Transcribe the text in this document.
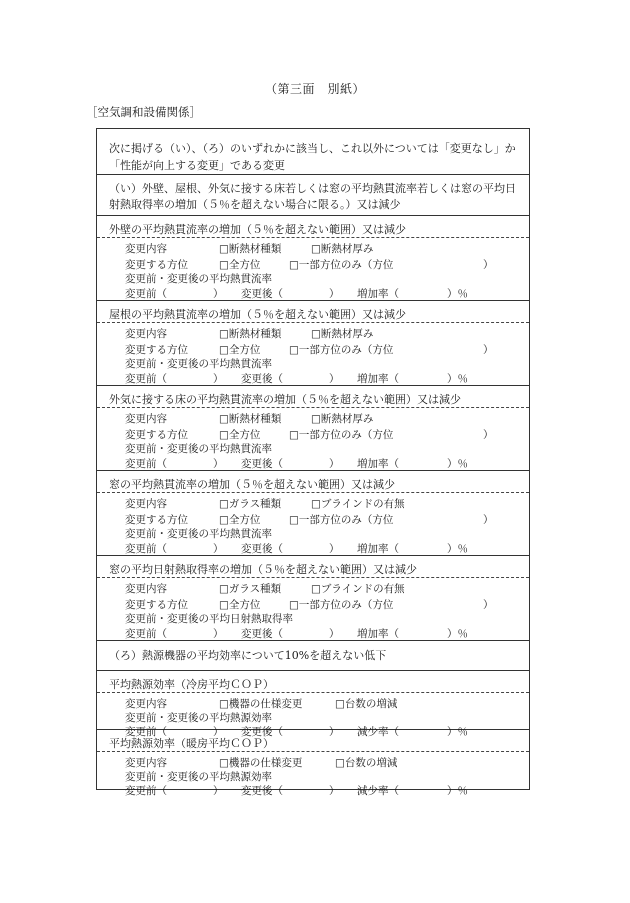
（第三面　別紙）
［空気調和設備関係］
次に掲げる（い）、（ろ）のいずれかに該当し、これ以外については「変更なし」か「性能が向上する変更」である変更
（い）外壁、屋根、外気に接する床若しくは窓の平均熱貫流率若しくは窓の平均日射熱取得率の増加（５％を超えない場合に限る。）又は減少
外壁の平均熱貫流率の増加（５％を超えない範囲）又は減少
変更内容	□断熱材種類	□断熱材厚み
変更する方位	□全方位	□一部方位のみ（方位	）
変更前・変更後の平均熱貫流率
変更前（	） 変更後（	） 増加率（	）％
屋根の平均熱貫流率の増加（５％を超えない範囲）又は減少
変更内容	□断熱材種類	□断熱材厚み
変更する方位	□全方位	□一部方位のみ（方位	）
変更前・変更後の平均熱貫流率
変更前（	） 変更後（	） 増加率（	）％
外気に接する床の平均熱貫流率の増加（５％を超えない範囲）又は減少
変更内容	□断熱材種類	□断熱材厚み
変更する方位	□全方位	□一部方位のみ（方位	）
変更前・変更後の平均熱貫流率
変更前（	） 変更後（	） 増加率（	）％
窓の平均熱貫流率の増加（５％を超えない範囲）又は減少
変更内容	□ガラス種類	□ブラインドの有無
変更する方位	□全方位	□一部方位のみ（方位	）
変更前・変更後の平均熱貫流率
変更前（	） 変更後（	） 増加率（	）％
窓の平均日射熱取得率の増加（５％を超えない範囲）又は減少
変更内容	□ガラス種類	□ブラインドの有無
変更する方位	□全方位	□一部方位のみ（方位	）
変更前・変更後の平均日射熱取得率
変更前（	） 変更後（	） 増加率（	）％
（ろ）熱源機器の平均効率について10%を超えない低下
平均熱源効率（冷房平均ＣＯＰ）
変更内容	□機器の仕様変更	□台数の増減
変更前・変更後の平均熱源効率
変更前（	） 変更後（	） 減少率（	）％
平均熱源効率（暖房平均ＣＯＰ）
変更内容	□機器の仕様変更	□台数の増減
変更前・変更後の平均熱源効率
変更前（	） 変更後（	） 減少率（	）％
